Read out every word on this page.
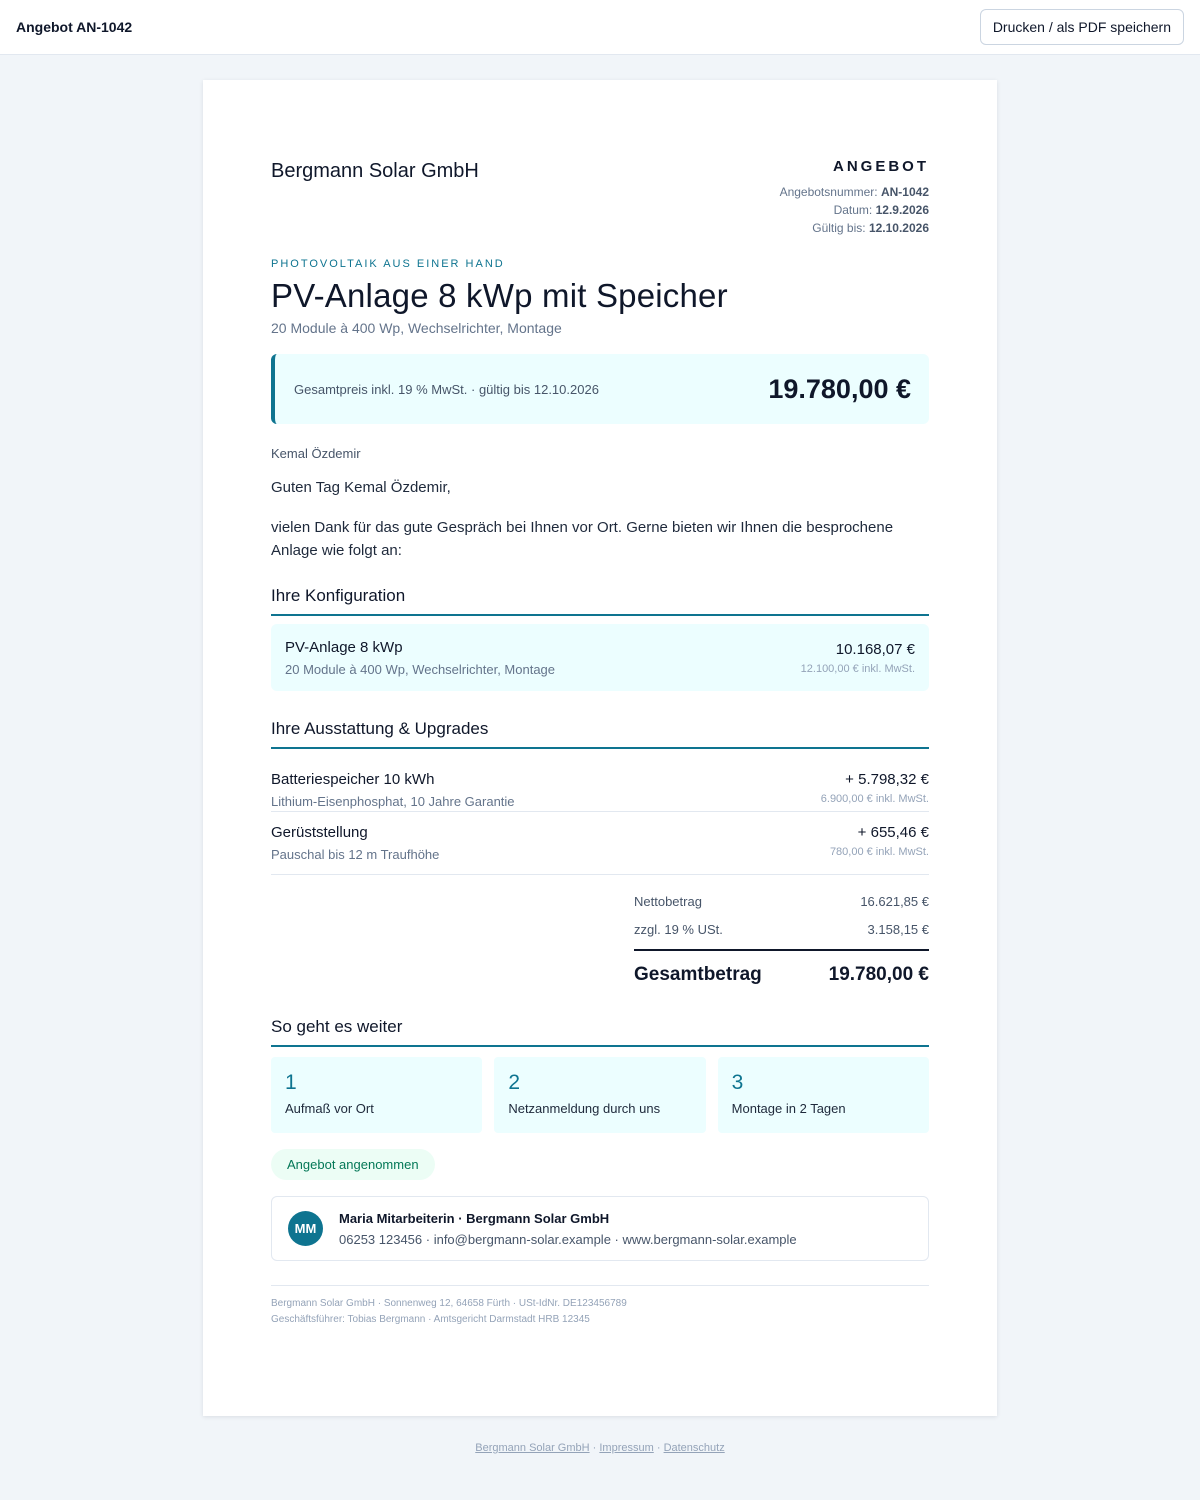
Angebot AN-1042	Drucken / als PDF speichern
Bergmann Solar GmbH	ANGEBOT
Angebotsnummer: AN-1042
Datum: 12.9.2026
Gültig bis: 12.10.2026
PHOTOVOLTAIK AUS EINER HAND
PV-Anlage 8 kWp mit Speicher
20 Module à 400 Wp, Wechselrichter, Montage
Gesamtpreis inkl. 19 % MwSt. · gültig bis 12.10.2026	19.780,00 €
Kemal Özdemir
Guten Tag Kemal Özdemir,
vielen Dank für das gute Gespräch bei Ihnen vor Ort. Gerne bieten wir Ihnen die besprochene Anlage wie folgt an:
Ihre Konfiguration
PV-Anlage 8 kWp
20 Module à 400 Wp, Wechselrichter, Montage
10.168,07 €
12.100,00 € inkl. MwSt.
Ihre Ausstattung & Upgrades
Batteriespeicher 10 kWh
Lithium-Eisenphosphat, 10 Jahre Garantie
+ 5.798,32 €
6.900,00 € inkl. MwSt.
Gerüststellung
Pauschal bis 12 m Traufhöhe
+ 655,46 €
780,00 € inkl. MwSt.
Nettobetrag	16.621,85 €
zzgl. 19 % USt.	3.158,15 €
Gesamtbetrag	19.780,00 €
So geht es weiter
1
Aufmaß vor Ort
2
Netzanmeldung durch uns
3
Montage in 2 Tagen
Angebot angenommen
MM
Maria Mitarbeiterin · Bergmann Solar GmbH
06253 123456 · info@bergmann-solar.example · www.bergmann-solar.example
Bergmann Solar GmbH · Sonnenweg 12, 64658 Fürth · USt-IdNr. DE123456789
Geschäftsführer: Tobias Bergmann · Amtsgericht Darmstadt HRB 12345
Bergmann Solar GmbH · Impressum · Datenschutz
